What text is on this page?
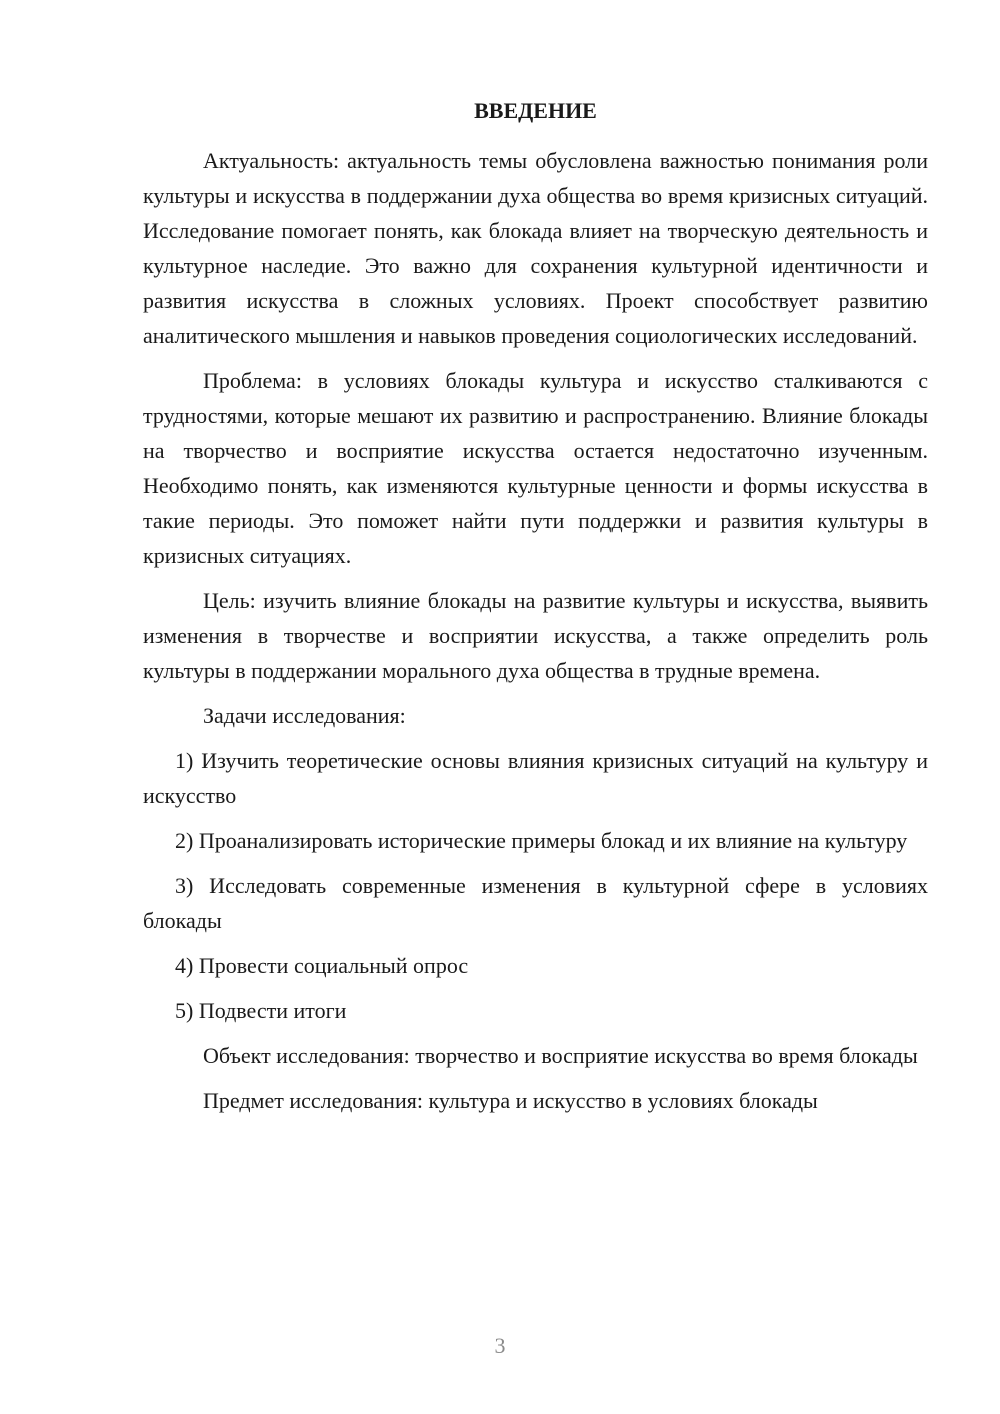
ВВЕДЕНИЕ

Актуальность: актуальность темы обусловлена важностью понимания роли культуры и искусства в поддержании духа общества во время кризисных ситуаций. Исследование помогает понять, как блокада влияет на творческую деятельность и культурное наследие. Это важно для сохранения культурной идентичности и развития искусства в сложных условиях. Проект способствует развитию аналитического мышления и навыков проведения социологических исследований.

Проблема: в условиях блокады культура и искусство сталкиваются с трудностями, которые мешают их развитию и распространению. Влияние блокады на творчество и восприятие искусства остается недостаточно изученным. Необходимо понять, как изменяются культурные ценности и формы искусства в такие периоды. Это поможет найти пути поддержки и развития культуры в кризисных ситуациях.

Цель: изучить влияние блокады на развитие культуры и искусства, выявить изменения в творчестве и восприятии искусства, а также определить роль культуры в поддержании морального духа общества в трудные времена.

Задачи исследования:

1) Изучить теоретические основы влияния кризисных ситуаций на культуру и искусство

2) Проанализировать исторические примеры блокад и их влияние на культуру

3) Исследовать современные изменения в культурной сфере в условиях блокады

4) Провести социальный опрос

5) Подвести итоги

Объект исследования: творчество и восприятие искусства во время блокады

Предмет исследования: культура и искусство в условиях блокады

3
